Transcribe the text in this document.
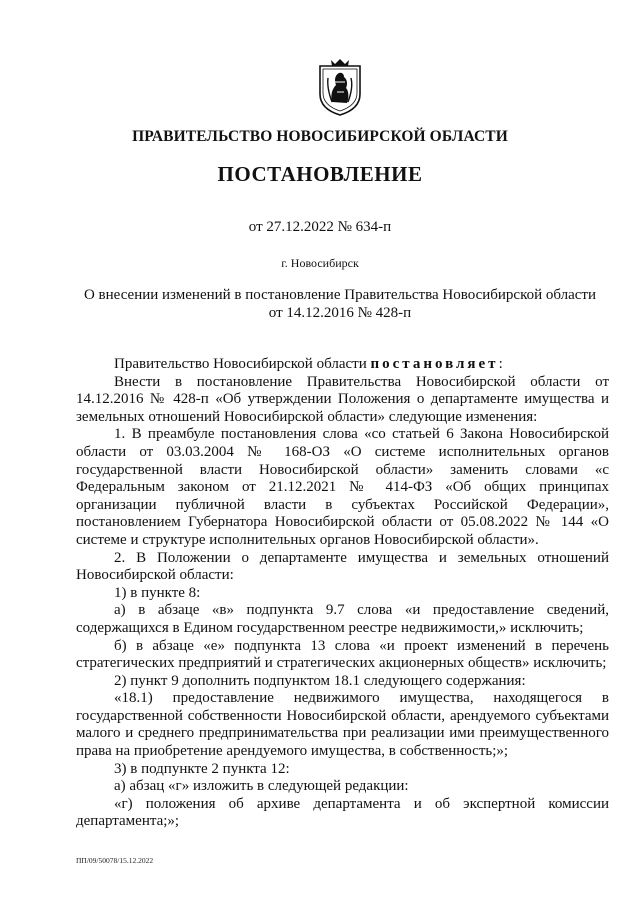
ПРАВИТЕЛЬСТВО НОВОСИБИРСКОЙ ОБЛАСТИ
ПОСТАНОВЛЕНИЕ
от 27.12.2022 № 634-п
г. Новосибирск
О внесении изменений в постановление Правительства Новосибирской области
от 14.12.2016 № 428-п

Правительство Новосибирской области постановляет:

Внести в постановление Правительства Новосибирской области от 14.12.2016 № 428-п «Об утверждении Положения о департаменте имущества и земельных отношений Новосибирской области» следующие изменения:

1. В преамбуле постановления слова «со статьей 6 Закона Новосибирской области от 03.03.2004 № 168-ОЗ «О системе исполнительных органов государственной власти Новосибирской области» заменить словами «с Федеральным законом от 21.12.2021 № 414-ФЗ «Об общих принципах организации публичной власти в субъектах Российской Федерации», постановлением Губернатора Новосибирской области от 05.08.2022 № 144 «О системе и структуре исполнительных органов Новосибирской области».

2. В Положении о департаменте имущества и земельных отношений Новосибирской области:

1) в пункте 8:

а) в абзаце «в» подпункта 9.7 слова «и предоставление сведений, содержащихся в Едином государственном реестре недвижимости,» исключить;

б) в абзаце «е» подпункта 13 слова «и проект изменений в перечень стратегических предприятий и стратегических акционерных обществ» исключить;

2) пункт 9 дополнить подпунктом 18.1 следующего содержания:

«18.1) предоставление недвижимого имущества, находящегося в государственной собственности Новосибирской области, арендуемого субъектами малого и среднего предпринимательства при реализации ими преимущественного права на приобретение арендуемого имущества, в собственность;»;

3) в подпункте 2 пункта 12:

а) абзац «г» изложить в следующей редакции:

«г) положения об архиве департамента и об экспертной комиссии департамента;»;

ПП/09/50078/15.12.2022
